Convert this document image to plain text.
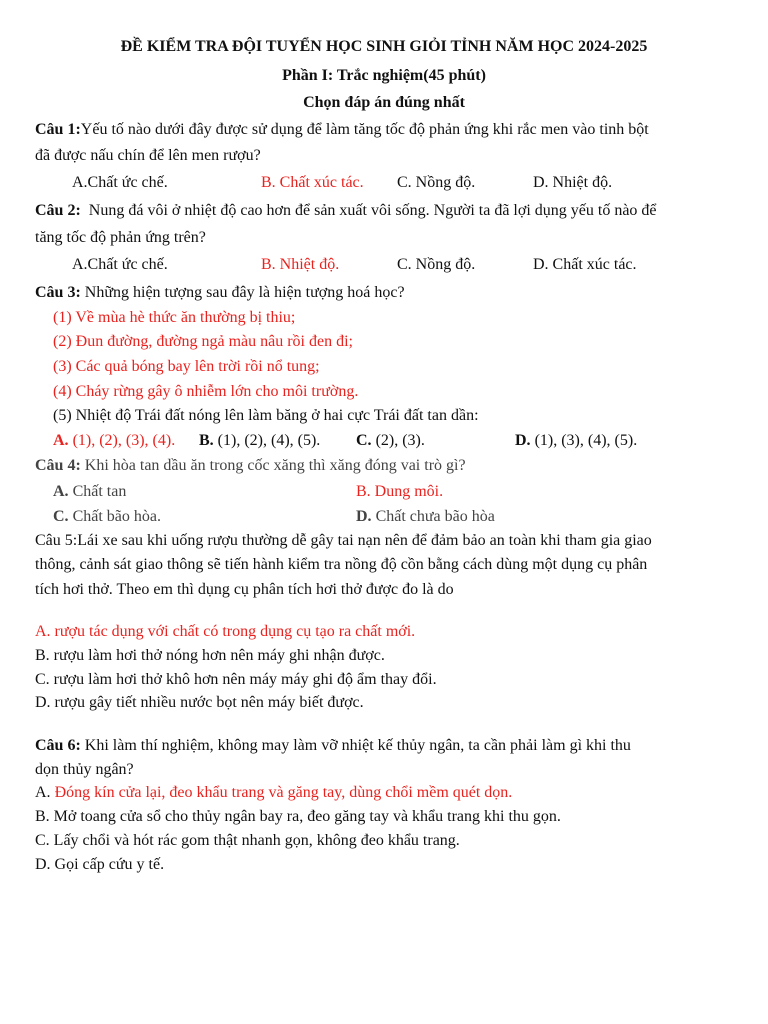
ĐỀ KIỂM TRA ĐỘI TUYỂN HỌC SINH GIỎI TỈNH NĂM HỌC 2024-2025
Phần I: Trắc nghiệm(45 phút)
Chọn đáp án đúng nhất
Câu 1:Yếu tố nào dưới đây được sử dụng để làm tăng tốc độ phản ứng khi rắc men vào tinh bột
đã được nấu chín để lên men rượu?
A.Chất ức chế.	B. Chất xúc tác. C. Nồng độ.	D. Nhiệt độ.
Câu 2: Nung đá vôi ở nhiệt độ cao hơn để sản xuất vôi sống. Người ta đã lợi dụng yếu tố nào để
tăng tốc độ phản ứng trên?
A.Chất ức chế.	B. Nhiệt độ.	C. Nồng độ.	D. Chất xúc tác.
Câu 3: Những hiện tượng sau đây là hiện tượng hoá học?
(1) Về mùa hè thức ăn thường bị thiu;
(2) Đun đường, đường ngả màu nâu rồi đen đi;
(3) Các quả bóng bay lên trời rồi nổ tung;
(4) Cháy rừng gây ô nhiễm lớn cho môi trường.
(5) Nhiệt độ Trái đất nóng lên làm băng ở hai cực Trái đất tan dần:
A. (1), (2), (3), (4). B. (1), (2), (4), (5). C. (2), (3).	D. (1), (3), (4), (5).
Câu 4: Khi hòa tan dầu ăn trong cốc xăng thì xăng đóng vai trò gì?
A. Chất tan	B. Dung môi.
C. Chất bão hòa.	D. Chất chưa bão hòa
Câu 5:Lái xe sau khi uống rượu thường dễ gây tai nạn nên để đảm bảo an toàn khi tham gia giao
thông, cảnh sát giao thông sẽ tiến hành kiểm tra nồng độ cồn bằng cách dùng một dụng cụ phân
tích hơi thở. Theo em thì dụng cụ phân tích hơi thở được đo là do
A. rượu tác dụng với chất có trong dụng cụ tạo ra chất mới.
B. rượu làm hơi thở nóng hơn nên máy ghi nhận được.
C. rượu làm hơi thở khô hơn nên máy máy ghi độ ẩm thay đổi.
D. rượu gây tiết nhiều nước bọt nên máy biết được.
Câu 6: Khi làm thí nghiệm, không may làm vỡ nhiệt kế thủy ngân, ta cần phải làm gì khi thu
dọn thủy ngân?
A. Đóng kín cửa lại, đeo khẩu trang và găng tay, dùng chổi mềm quét dọn.
B. Mở toang cửa sổ cho thủy ngân bay ra, đeo găng tay và khẩu trang khi thu gọn.
C. Lấy chổi và hót rác gom thật nhanh gọn, không đeo khẩu trang.
D. Gọi cấp cứu y tế.
